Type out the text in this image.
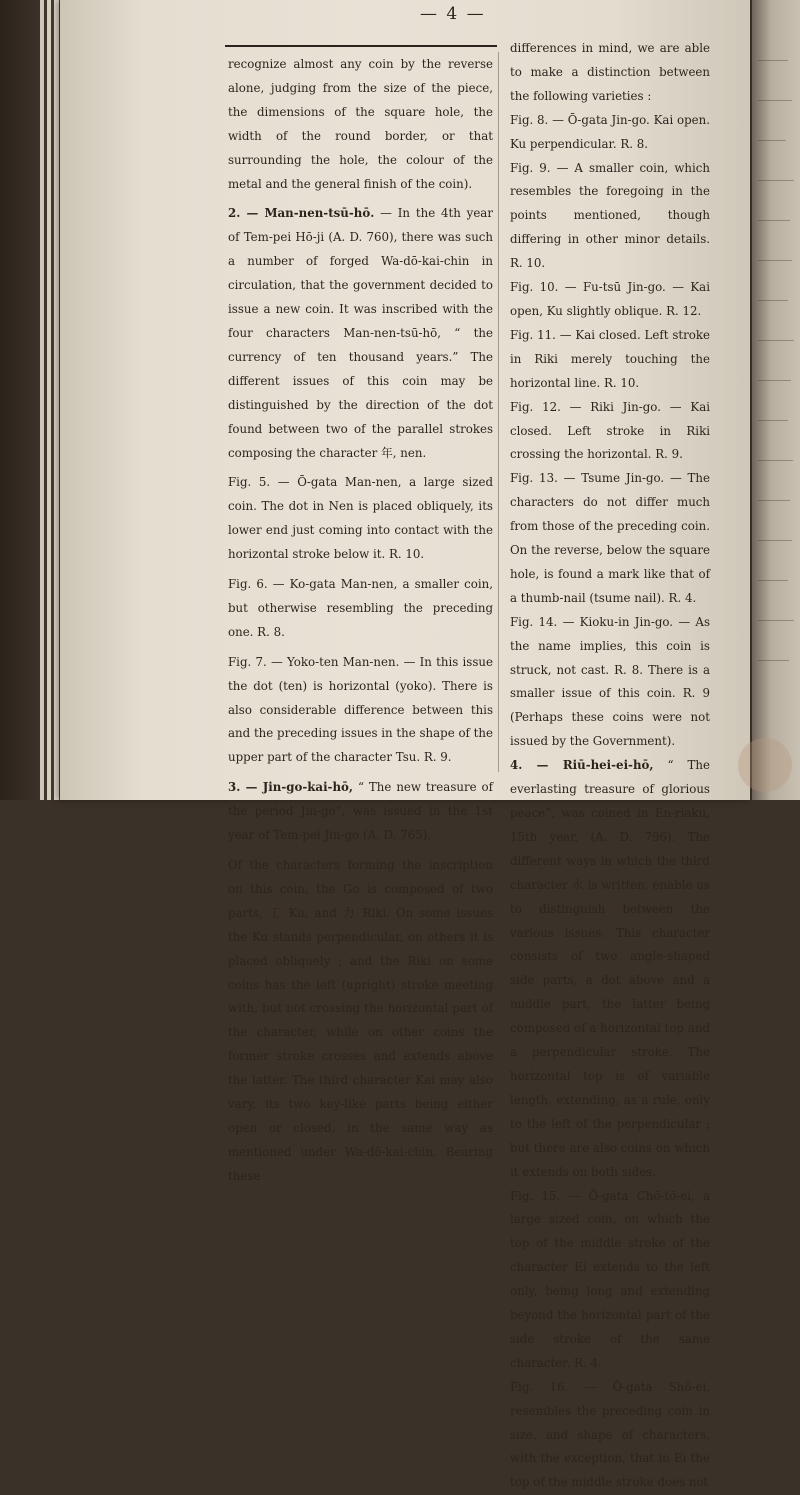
— 4 —

recognize almost any coin by the reverse alone, judging from the size of the piece, the dimensions of the square hole, the width of the round border, or that surrounding the hole, the colour of the metal and the general finish of the coin).

2. — Man-nen-tsū-hō. — In the 4th year of Tem-pei Hō-ji (A. D. 760), there was such a number of forged Wa-dō-kai-chin in circulation, that the government decided to issue a new coin. It was inscribed with the four characters Man-nen-tsū-hō, “ the currency of ten thousand years.” The different issues of this coin may be distinguished by the direction of the dot found between two of the parallel strokes composing the character 年, nen.

Fig. 5. — Ō-gata Man-nen, a large sized coin. The dot in Nen is placed obliquely, its lower end just coming into contact with the horizontal stroke below it. R. 10.

Fig. 6. — Ko-gata Man-nen, a smaller coin, but otherwise resembling the preceding one. R. 8.

Fig. 7. — Yoko-ten Man-nen. — In this issue the dot (ten) is horizontal (yoko). There is also considerable difference between this and the preceding issues in the shape of the upper part of the character Tsu. R. 9.

3. — Jin-go-kai-hō, “ The new treasure of the period Jin-go”, was issued in the 1st year of Tem-pei Jin-go (A. D. 765).

Of the characters forming the inscription on this coin, the Go is composed of two parts, 工 Ku, and 力 Riki. On some issues the Ku stands perpendicular, on others it is placed obliquely ; and the Riki on some coins has the left (upright) stroke meeting with, but not crossing the horizontal part of the character, while on other coins the former stroke crosses and extends above the latter. The third character Kai may also vary, its two key-like parts being either open or closed, in the same way as mentioned under Wa-dō-kai-chin. Bearing these

differences in mind, we are able to make a distinction between the following varieties :

Fig. 8. — Ō-gata Jin-go. Kai open. Ku perpendicular. R. 8.

Fig. 9. — A smaller coin, which resembles the foregoing in the points mentioned, though differing in other minor details. R. 10.

Fig. 10. — Fu-tsū Jin-go. — Kai open, Ku slightly oblique. R. 12.

Fig. 11. — Kai closed. Left stroke in Riki merely touching the horizontal line. R. 10.

Fig. 12. — Riki Jin-go. — Kai closed. Left stroke in Riki crossing the horizontal. R. 9.

Fig. 13. — Tsume Jin-go. — The characters do not differ much from those of the preceding coin. On the reverse, below the square hole, is found a mark like that of a thumb-nail (tsume nail). R. 4.

Fig. 14. — Kioku-in Jin-go. — As the name implies, this coin is struck, not cast. R. 8. There is a smaller issue of this coin. R. 9 (Perhaps these coins were not issued by the Government).

4. — Riū-hei-ei-hō, “ The everlasting treasure of glorious peace”, was coined in En-riaku, 15th year, (A. D. 796). The different ways in which the third character 永 is written, enable us to distinguish between the various issues. This character consists of two angle-shaped side parts, a dot above and a middle part, the latter being composed of a horizontal top and a perpendicular stroke. The horizontal top is of variable length, extending, as a rule, only to the left of the perpendicular ; but there are also coins on which it extends on both sides.

Fig. 15. — Ō-gata Chō-tō-ei, a large sized coin, on which the top of the middle stroke of the character Ei extends to the left only, being long and extending beyond the horizontal part of the side stroke of the same character. R. 4.

Fig. 16. — Ō-gata Shō-ei, resembles the preceding coin in size, and shape of characters, with the exception, that in Ei the top of the middle stroke does not
